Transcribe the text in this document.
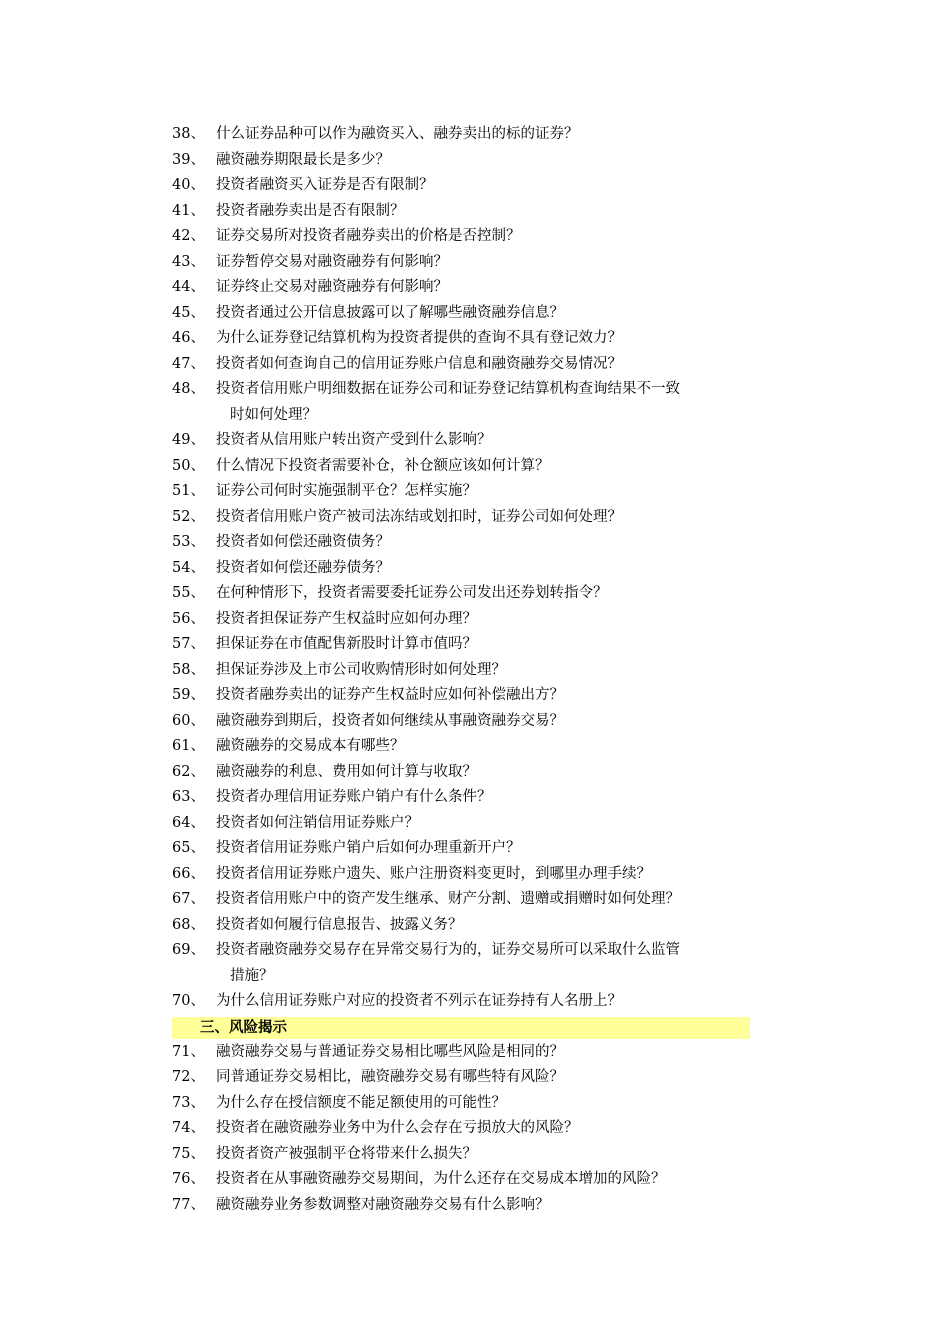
38、 什么证券品种可以作为融资买入、融券卖出的标的证券？
39、 融资融券期限最长是多少？
40、 投资者融资买入证券是否有限制？
41、 投资者融券卖出是否有限制？
42、 证券交易所对投资者融券卖出的价格是否控制？
43、 证券暂停交易对融资融券有何影响？
44、 证券终止交易对融资融券有何影响？
45、 投资者通过公开信息披露可以了解哪些融资融券信息？
46、 为什么证券登记结算机构为投资者提供的查询不具有登记效力？
47、 投资者如何查询自己的信用证券账户信息和融资融券交易情况？
48、 投资者信用账户明细数据在证券公司和证券登记结算机构查询结果不一致
时如何处理？
49、 投资者从信用账户转出资产受到什么影响？
50、 什么情况下投资者需要补仓，补仓额应该如何计算？
51、 证券公司何时实施强制平仓？怎样实施？
52、 投资者信用账户资产被司法冻结或划扣时，证券公司如何处理？
53、 投资者如何偿还融资债务？
54、 投资者如何偿还融券债务？
55、 在何种情形下，投资者需要委托证券公司发出还券划转指令？
56、 投资者担保证券产生权益时应如何办理？
57、 担保证券在市值配售新股时计算市值吗？
58、 担保证券涉及上市公司收购情形时如何处理？
59、 投资者融券卖出的证券产生权益时应如何补偿融出方？
60、 融资融券到期后，投资者如何继续从事融资融券交易？
61、 融资融券的交易成本有哪些？
62、 融资融券的利息、费用如何计算与收取？
63、 投资者办理信用证券账户销户有什么条件？
64、 投资者如何注销信用证券账户？
65、 投资者信用证券账户销户后如何办理重新开户？
66、 投资者信用证券账户遗失、账户注册资料变更时，到哪里办理手续？
67、 投资者信用账户中的资产发生继承、财产分割、遗赠或捐赠时如何处理？
68、 投资者如何履行信息报告、披露义务？
69、 投资者融资融券交易存在异常交易行为的，证券交易所可以采取什么监管
措施？
70、 为什么信用证券账户对应的投资者不列示在证券持有人名册上？
三、风险揭示
71、 融资融券交易与普通证券交易相比哪些风险是相同的？
72、 同普通证券交易相比，融资融券交易有哪些特有风险？
73、 为什么存在授信额度不能足额使用的可能性？
74、 投资者在融资融券业务中为什么会存在亏损放大的风险？
75、 投资者资产被强制平仓将带来什么损失？
76、 投资者在从事融资融券交易期间，为什么还存在交易成本增加的风险？
77、 融资融券业务参数调整对融资融券交易有什么影响？
